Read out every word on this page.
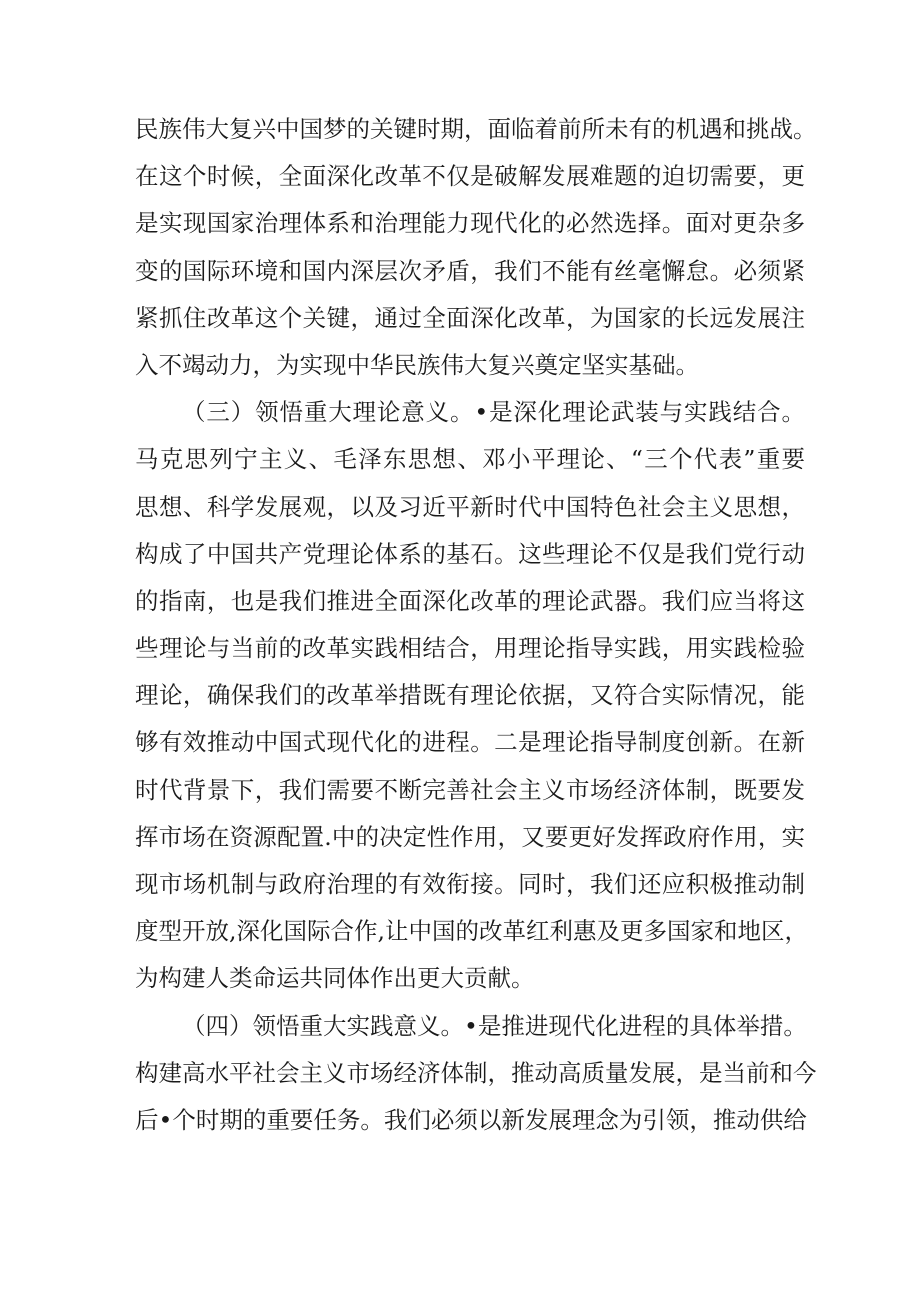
民族伟大复兴中国梦的关键时期，面临着前所未有的机遇和挑战。
在这个时候，全面深化改革不仅是破解发展难题的迫切需要，更
是实现国家治理体系和治理能力现代化的必然选择。面对更杂多
变的国际环境和国内深层次矛盾，我们不能有丝毫懈怠。必须紧
紧抓住改革这个关键，通过全面深化改革，为国家的长远发展注
入不竭动力，为实现中华民族伟大复兴奠定坚实基础。
（三）领悟重大理论意义。•是深化理论武装与实践结合。
马克思列宁主义、毛泽东思想、邓小平理论、“三个代表”重要
思想、科学发展观，以及习近平新时代中国特色社会主义思想，
构成了中国共产党理论体系的基石。这些理论不仅是我们党行动
的指南，也是我们推进全面深化改革的理论武器。我们应当将这
些理论与当前的改革实践相结合，用理论指导实践，用实践检验
理论，确保我们的改革举措既有理论依据，又符合实际情况，能
够有效推动中国式现代化的进程。二是理论指导制度创新。在新
时代背景下，我们需要不断完善社会主义市场经济体制，既要发
挥市场在资源配置.中的决定性作用，又要更好发挥政府作用，实
现市场机制与政府治理的有效衔接。同时，我们还应积极推动制
度型开放,深化国际合作,让中国的改革红利惠及更多国家和地区，
为构建人类命运共同体作出更大贡献。
（四）领悟重大实践意义。•是推进现代化进程的具体举措。
构建高水平社会主义市场经济体制，推动高质量发展，是当前和今
后•个时期的重要任务。我们必须以新发展理念为引领，推动供给
